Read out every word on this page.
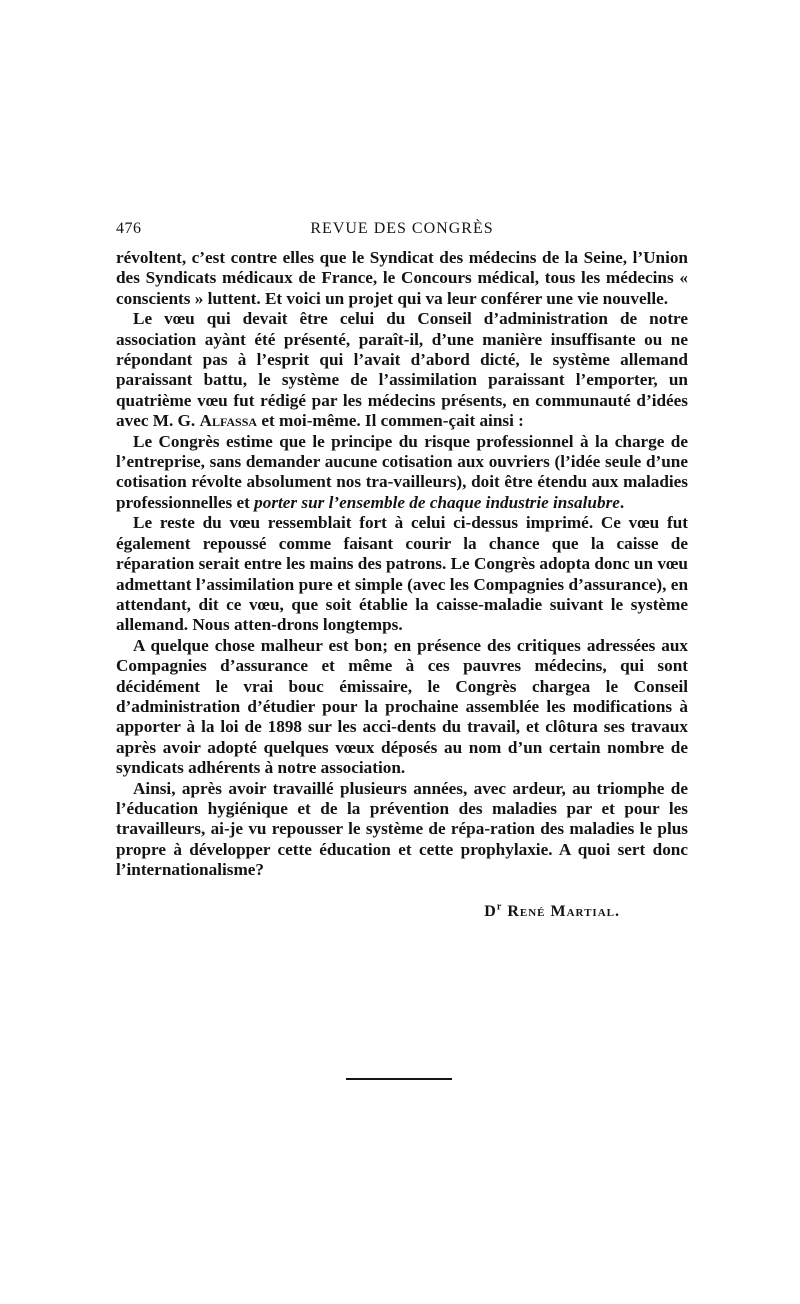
476	REVUE DES CONGRÈS

révoltent, c’est contre elles que le Syndicat des médecins de la Seine, l’Union des Syndicats médicaux de France, le Concours médical, tous les médecins « conscients » luttent. Et voici un projet qui va leur conférer une vie nouvelle.

Le vœu qui devait être celui du Conseil d’administration de notre association ayànt été présenté, paraît-il, d’une manière insuffisante ou ne répondant pas à l’esprit qui l’avait d’abord dicté, le système allemand paraissant battu, le système de l’assimilation paraissant l’emporter, un quatrième vœu fut rédigé par les médecins présents, en communauté d’idées avec M. G. Alfassa et moi-même. Il commen-çait ainsi :

Le Congrès estime que le principe du risque professionnel à la charge de l’entreprise, sans demander aucune cotisation aux ouvriers (l’idée seule d’une cotisation révolte absolument nos tra-vailleurs), doit être étendu aux maladies professionnelles et porter sur l’ensemble de chaque industrie insalubre.

Le reste du vœu ressemblait fort à celui ci-dessus imprimé. Ce vœu fut également repoussé comme faisant courir la chance que la caisse de réparation serait entre les mains des patrons. Le Congrès adopta donc un vœu admettant l’assimilation pure et simple (avec les Compagnies d’assurance), en attendant, dit ce vœu, que soit établie la caisse-maladie suivant le système allemand. Nous atten-drons longtemps.

A quelque chose malheur est bon; en présence des critiques adressées aux Compagnies d’assurance et même à ces pauvres médecins, qui sont décidément le vrai bouc émissaire, le Congrès chargea le Conseil d’administration d’étudier pour la prochaine assemblée les modifications à apporter à la loi de 1898 sur les acci-dents du travail, et clôtura ses travaux après avoir adopté quelques vœux déposés au nom d’un certain nombre de syndicats adhérents à notre association.

Ainsi, après avoir travaillé plusieurs années, avec ardeur, au triomphe de l’éducation hygiénique et de la prévention des maladies par et pour les travailleurs, ai-je vu repousser le système de répa-ration des maladies le plus propre à développer cette éducation et cette prophylaxie. A quoi sert donc l’internationalisme?

$D^r$ René Martial.
